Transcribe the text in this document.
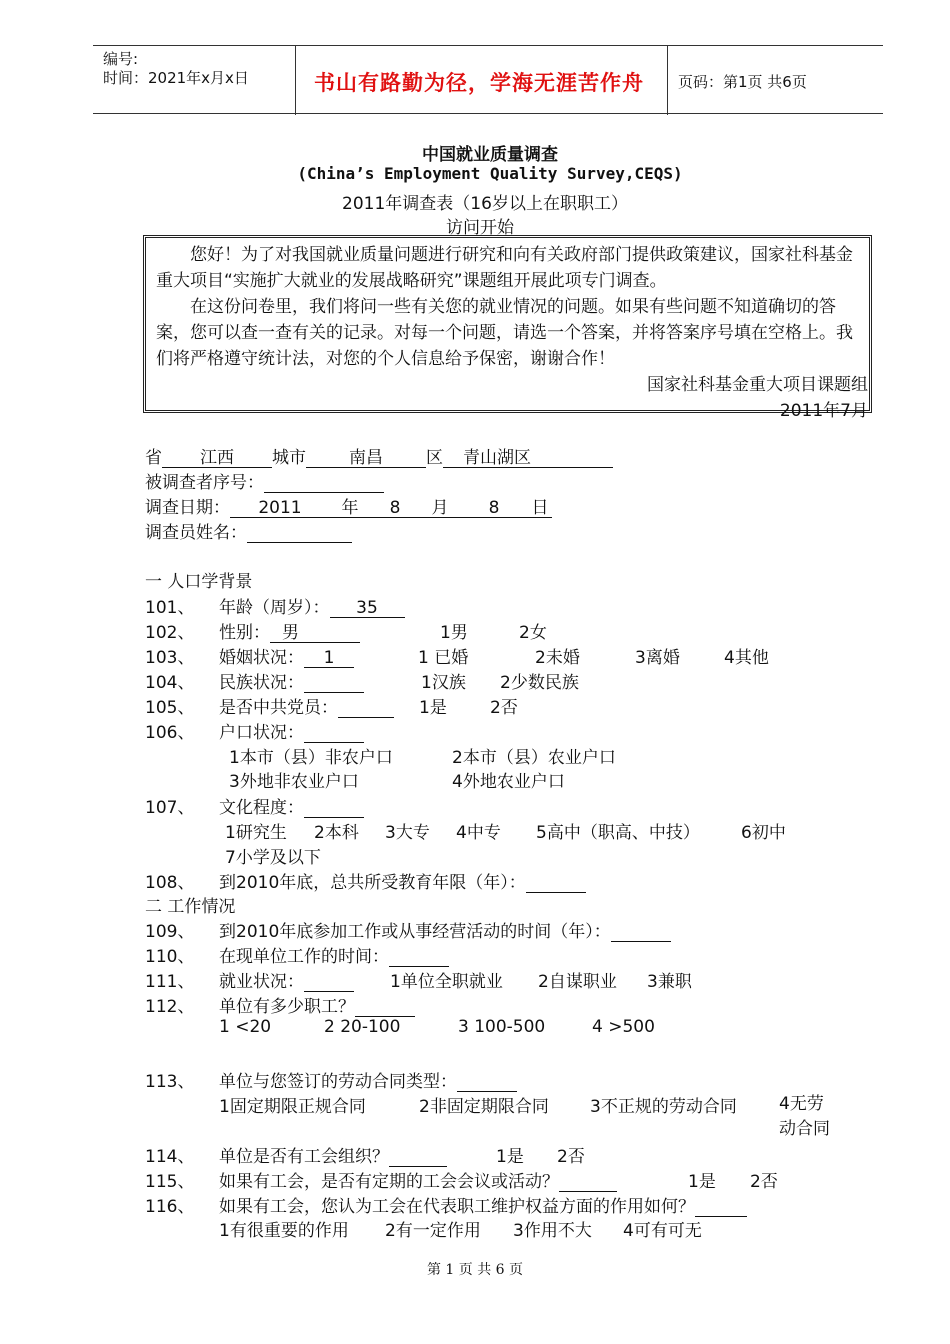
编号:
时间：2021年x月x日	书山有路勤为径，学海无涯苦作舟 页码：第1页 共6页
中国就业质量调查
(China’s Employment Quality Survey,CEQS)
2011年调查表（16岁以上在职职工）
访问开始

您好！为了对我国就业质量问题进行研究和向有关政府部门提供政策建议，国家社科基金重大项目“实施扩大就业的发展战略研究”课题组开展此项专门调查。

在这份问卷里，我们将问一些有关您的就业情况的问题。如果有些问题不知道确切的答案，您可以查一查有关的记录。对每一个问题，请选一个答案，并将答案序号填在空格上。我们将严格遵守统计法，对您的个人信息给予保密，谢谢合作！

国家社科基金重大项目课题组

2011年7月

省 江西 城市	南昌	区 青山湖区
被调查者序号：
调查日期： 2011 年 8 月 8 日
调查员姓名：
一 人口学背景
101、 年龄（周岁）： 35
102、 性别： 男	1男	2女
103、 婚姻状况： 1	1 已婚	2未婚	3离婚	4其他
104、 民族状况：	1汉族 2少数民族
105、 是否中共党员：	1是	2否
106、 户口状况：
1本市（县）非农户口	2本市（县）农业户口
3外地非农业户口	4外地农业户口
107、 文化程度：
1研究生 2本科 3大专 4中专 5高中（职高、中技） 6初中
7小学及以下
108、 到2010年底，总共所受教育年限（年）：
二 工作情况
109、 到2010年底参加工作或从事经营活动的时间（年）：
110、 在现单位工作的时间：
111、 就业状况：	1单位全职就业 2自谋职业 3兼职
112、 单位有多少职工？
1 <20	2 20-100	3 100-500	4 >500
113、 单位与您签订的劳动合同类型：
1固定期限正规合同	2非固定期限合同 3不正规的劳动合同 4无劳动合同
114、 单位是否有工会组织？	1是 2否
115、 如果有工会，是否有定期的工会会议或活动？	1是 2否
116、 如果有工会，您认为工会在代表职工维护权益方面的作用如何？
1有很重要的作用 2有一定作用 3作用不大 4可有可无
第 1 页 共 6 页
